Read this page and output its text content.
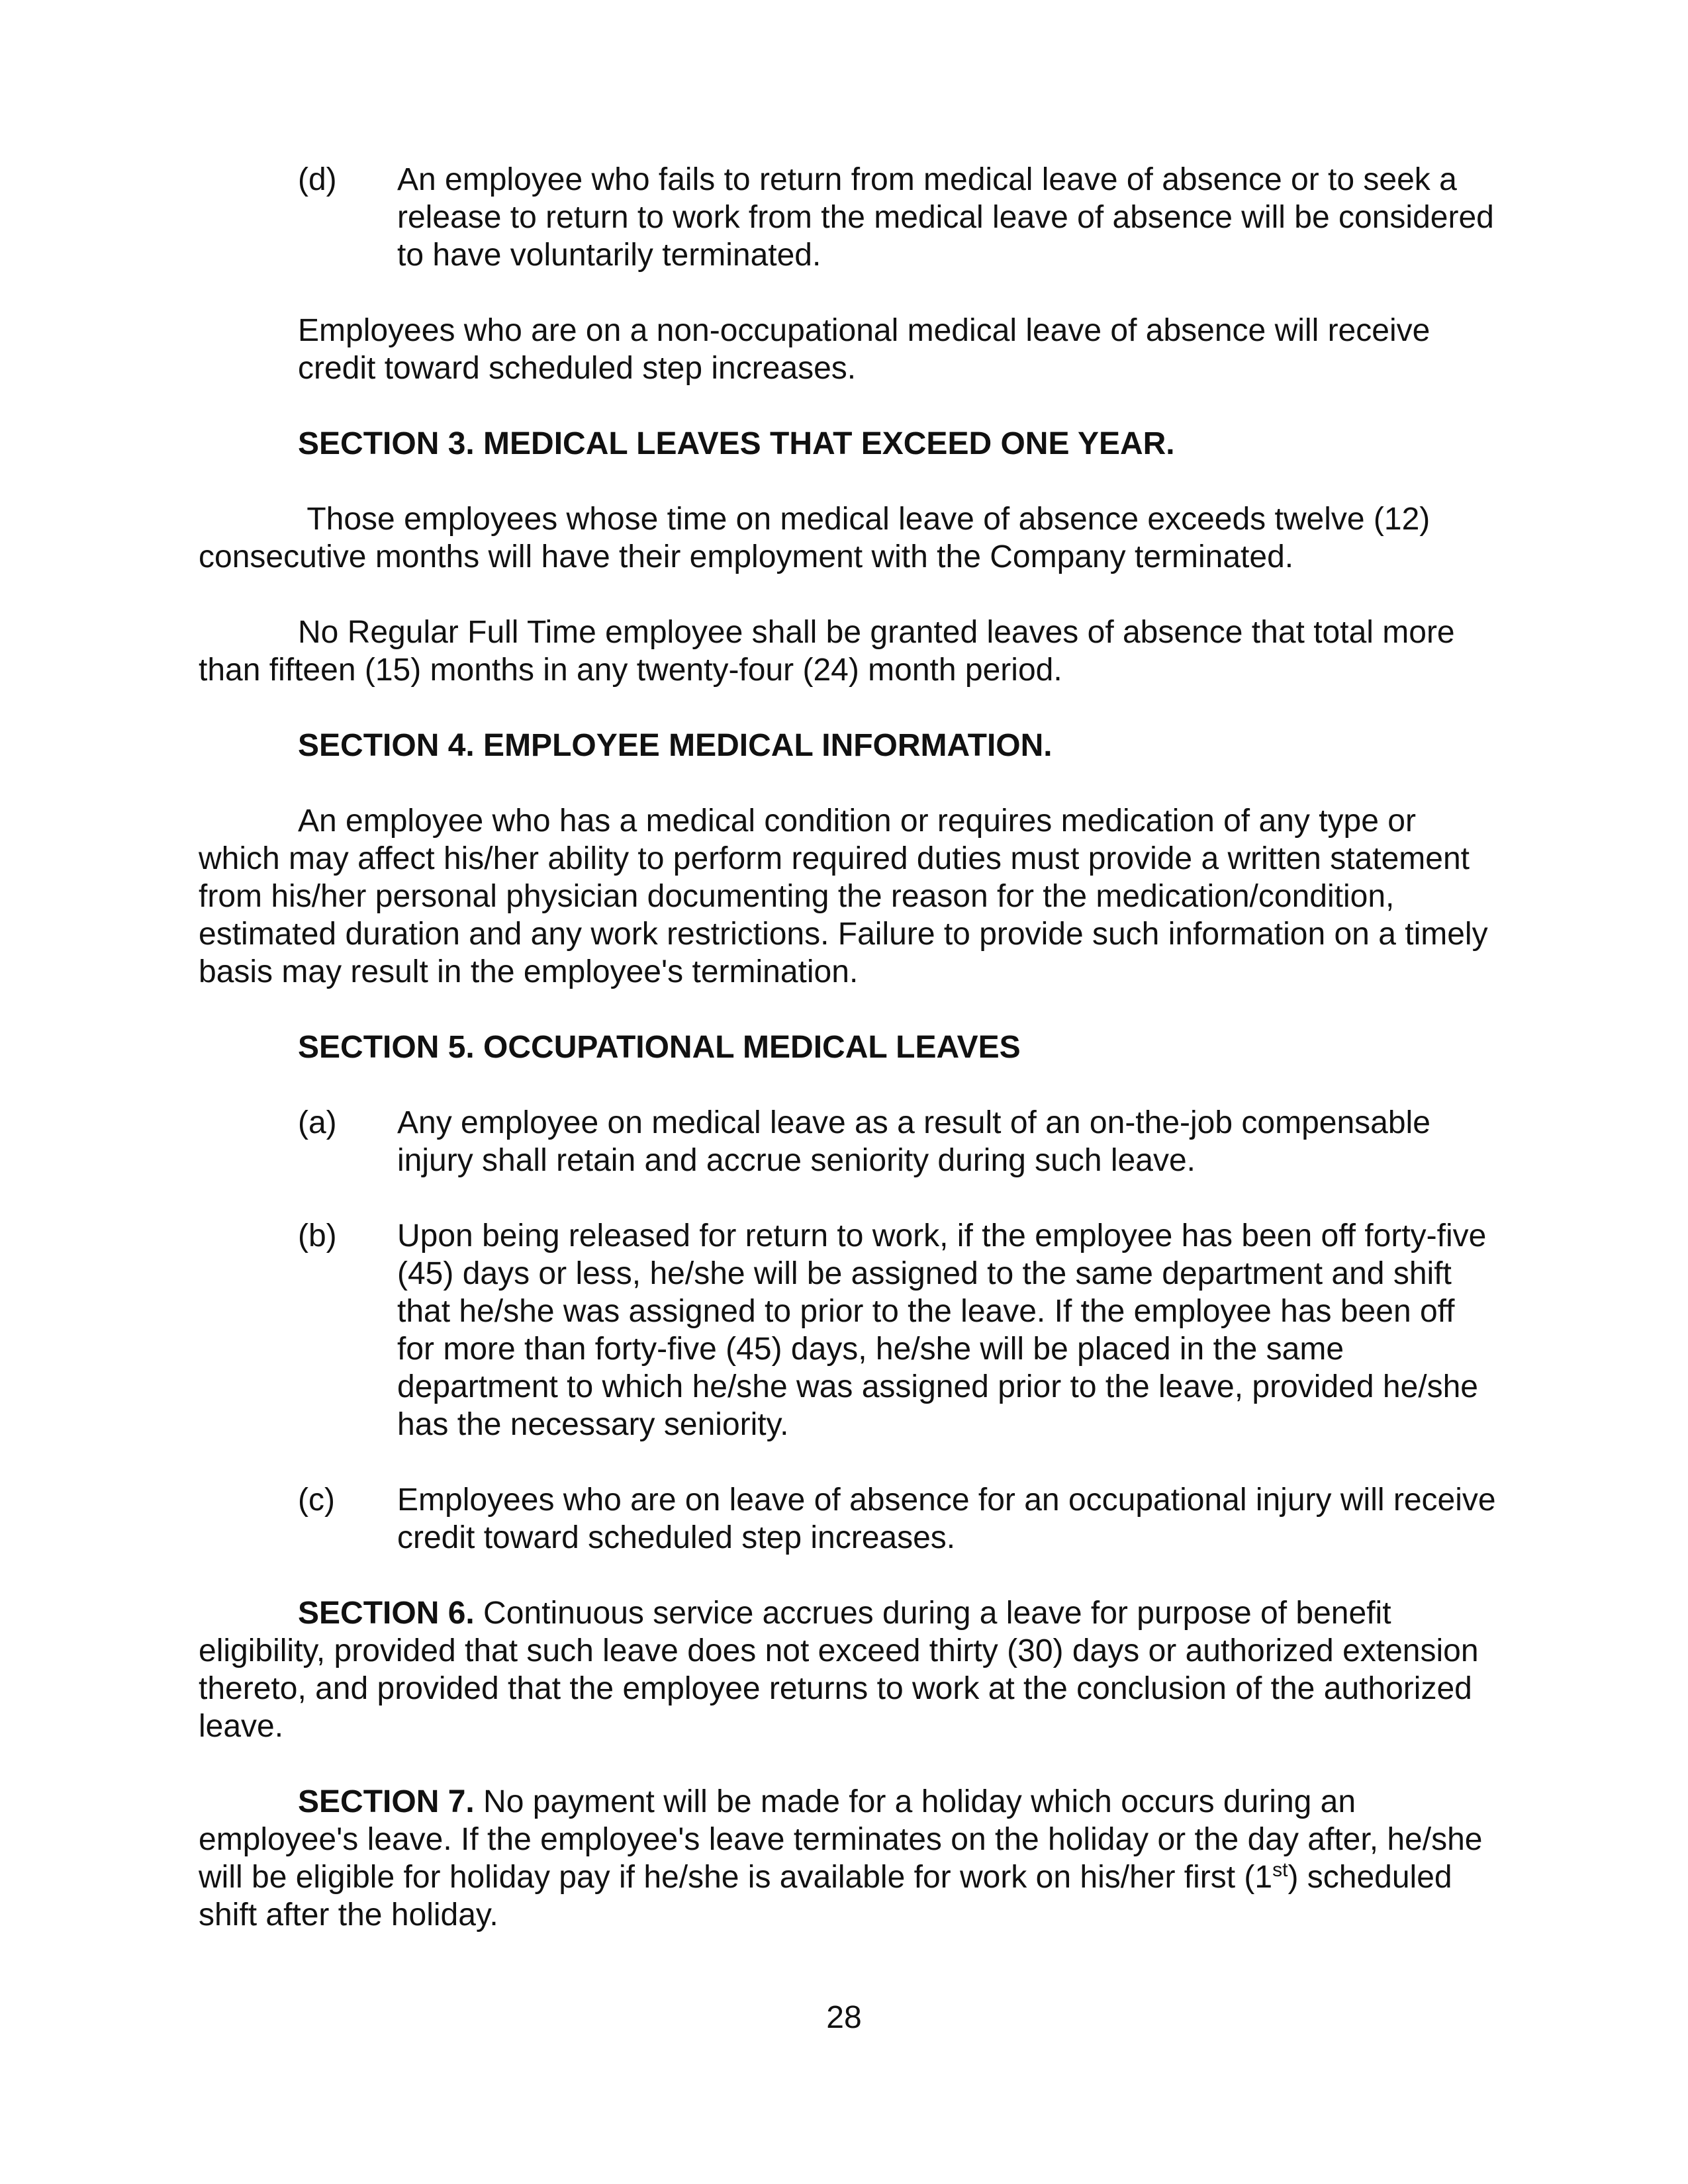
(d)	An employee who fails to return from medical leave of absence or to seek a release to return to work from the medical leave of absence will be considered to have voluntarily terminated.

Employees who are on a non-occupational medical leave of absence will receive credit toward scheduled step increases.

SECTION 3. MEDICAL LEAVES THAT EXCEED ONE YEAR.

Those employees whose time on medical leave of absence exceeds twelve (12) consecutive months will have their employment with the Company terminated.

No Regular Full Time employee shall be granted leaves of absence that total more than fifteen (15) months in any twenty-four (24) month period.

SECTION 4. EMPLOYEE MEDICAL INFORMATION.

An employee who has a medical condition or requires medication of any type or which may affect his/her ability to perform required duties must provide a written statement from his/her personal physician documenting the reason for the medication/condition, estimated duration and any work restrictions. Failure to provide such information on a timely basis may result in the employee's termination.

SECTION 5. OCCUPATIONAL MEDICAL LEAVES

(a)	Any employee on medical leave as a result of an on-the-job compensable injury shall retain and accrue seniority during such leave.
(b)	Upon being released for return to work, if the employee has been off forty-five (45) days or less, he/she will be assigned to the same department and shift that he/she was assigned to prior to the leave. If the employee has been off for more than forty-five (45) days, he/she will be placed in the same department to which he/she was assigned prior to the leave, provided he/she has the necessary seniority.
(c)	Employees who are on leave of absence for an occupational injury will receive credit toward scheduled step increases.

SECTION 6. Continuous service accrues during a leave for purpose of benefit eligibility, provided that such leave does not exceed thirty (30) days or authorized extension thereto, and provided that the employee returns to work at the conclusion of the authorized leave.

SECTION 7. No payment will be made for a holiday which occurs during an employee's leave. If the employee's leave terminates on the holiday or the day after, he/she will be eligible for holiday pay if he/she is available for work on his/her first (1st) scheduled shift after the holiday.

28
